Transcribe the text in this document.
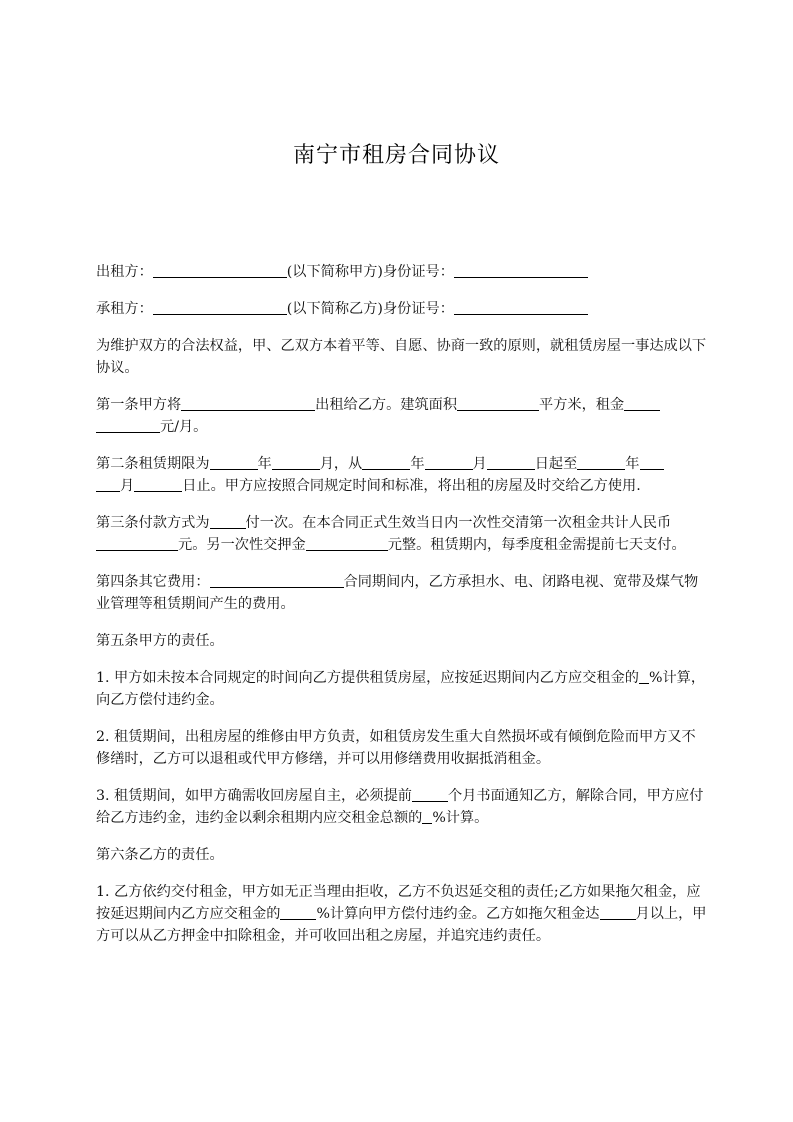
南宁市租房合同协议

出租方：	(以下简称甲方)身份证号：

承租方：	(以下简称乙方)身份证号：

为维护双方的合法权益，甲、乙双方本着平等、自愿、协商一致的原则，就租赁房屋一事达成以下协议。

第一条甲方将	出租给乙方。建筑面积	平方米，租金
元/月。

第二条租赁期限为	年	月，从	年	月	日起至	年
月	日止。甲方应按照合同规定时间和标准，将出租的房屋及时交给乙方使用.

第三条付款方式为	付一次。在本合同正式生效当日内一次性交清第一次租金共计人民币元。另一次性交押金	元整。租赁期内，每季度租金需提前七天支付。

第四条其它费用：	合同期间内，乙方承担水、电、闭路电视、宽带及煤气物业管理等租赁期间产生的费用。

第五条甲方的责任。

1. 甲方如未按本合同规定的时间向乙方提供租赁房屋，应按延迟期间内乙方应交租金的 %计算，向乙方偿付违约金。

2. 租赁期间，出租房屋的维修由甲方负责，如租赁房发生重大自然损坏或有倾倒危险而甲方又不修缮时，乙方可以退租或代甲方修缮，并可以用修缮费用收据抵消租金。

3. 租赁期间，如甲方确需收回房屋自主，必须提前	个月书面通知乙方，解除合同，甲方应付给乙方违约金，违约金以剩余租期内应交租金总额的 %计算。

第六条乙方的责任。

1. 乙方依约交付租金，甲方如无正当理由拒收，乙方不负迟延交租的责任;乙方如果拖欠租金，应按延迟期间内乙方应交租金的	%计算向甲方偿付违约金。乙方如拖欠租金达	月以上，甲方可以从乙方押金中扣除租金，并可收回出租之房屋，并追究违约责任。
